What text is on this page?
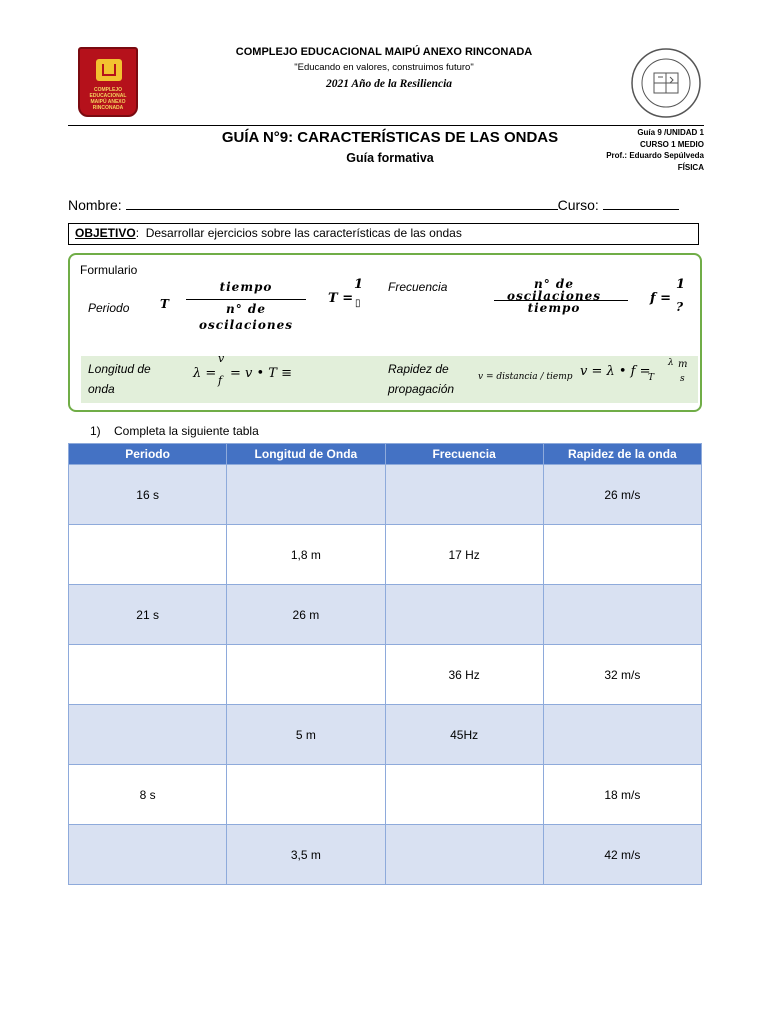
COMPLEJO EDUCACIONAL MAIPÚ ANEXO RINCONADA
COMPLEJO EDUCACIONAL MAIPÚ ANEXO RINCONADA
"Educando en valores, construimos futuro"
2021 Año de la Resiliencia
GUÍA N°9: CARACTERÍSTICAS DE LAS ONDAS
Guía formativa
Guía 9 /UNIDAD 1
CURSO 1 MEDIO
Prof.: Eduardo Sepúlveda
FÍSICA
Nombre:	Curso:
OBJETIVO: Desarrollar ejercicios sobre las características de las ondas
Formulario
Periodo	T
tiempo
n° de
oscilaciones
T =
1
▯
Frecuencia	n° de
oscilaciones
tiempo
f =
1
?
Longitud de
onda
λ =
v
f = v • T ≡	Rapidez de
propagación
v = distancia / tiemp v = λ • f =
λ
T
m
s
1) Completa la siguiente tabla
Periodo	Longitud de Onda	Frecuencia	Rapidez de la onda
16 s			26 m/s
	1,8 m	17 Hz	
21 s	26 m		
		36 Hz	32 m/s
	5 m	45Hz	
8 s			18 m/s
	3,5 m		42 m/s
